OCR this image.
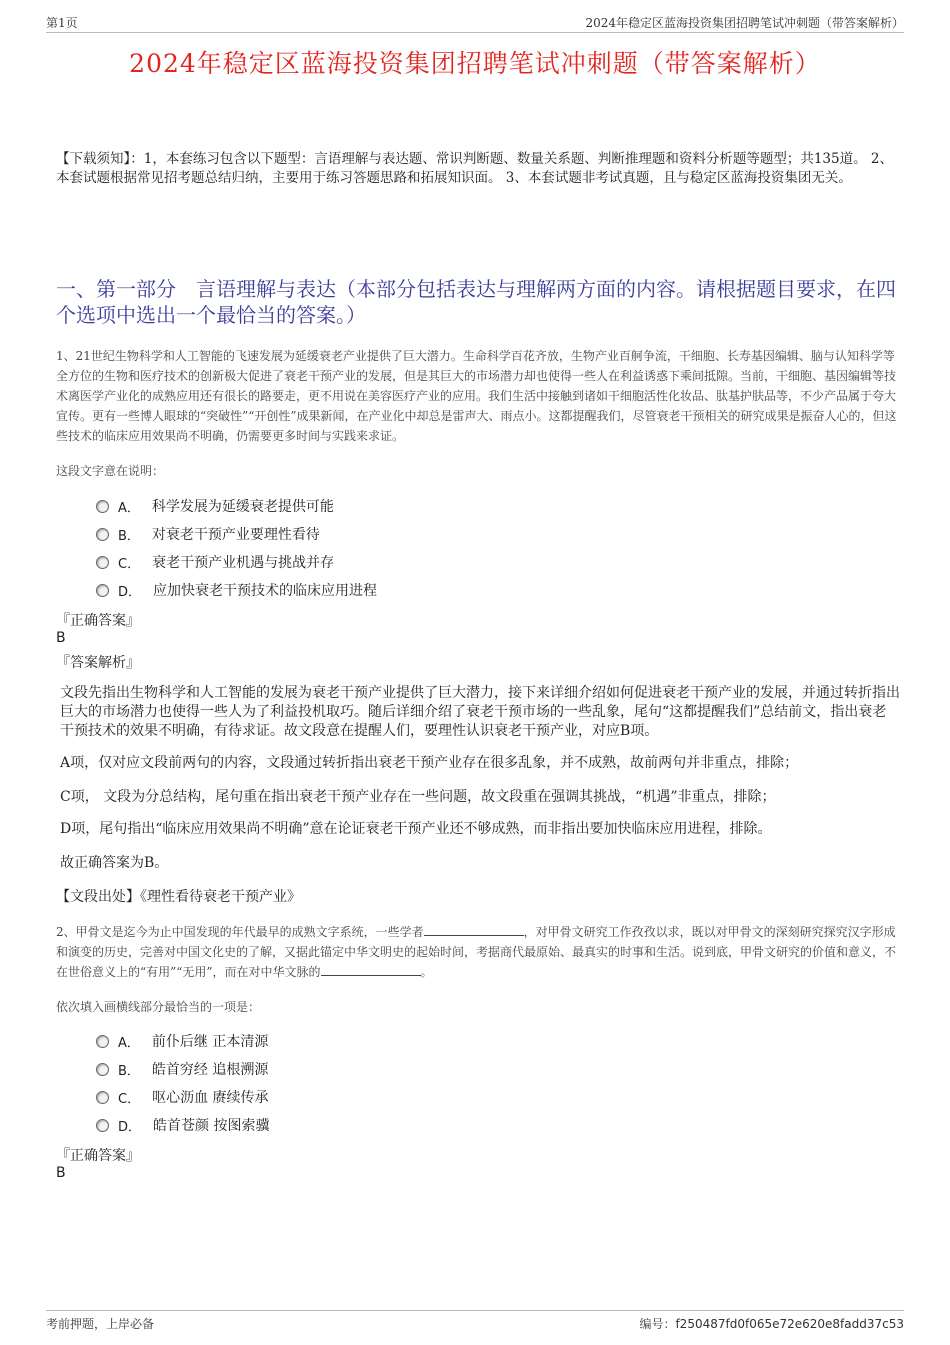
第1页	2024年稳定区蓝海投资集团招聘笔试冲刺题（带答案解析）
2024年稳定区蓝海投资集团招聘笔试冲刺题（带答案解析）
【下载须知】：1，本套练习包含以下题型：言语理解与表达题、常识判断题、数量关系题、判断推理题和资料分析题等题型；共135道。 2、本套试题根据常见招考题总结归纳，主要用于练习答题思路和拓展知识面。 3、本套试题非考试真题，且与稳定区蓝海投资集团无关。
一、第一部分　言语理解与表达（本部分包括表达与理解两方面的内容。请根据题目要求，在四个选项中选出一个最恰当的答案。）
1、21世纪生物科学和人工智能的飞速发展为延缓衰老产业提供了巨大潜力。生命科学百花齐放，生物产业百舸争流，干细胞、长寿基因编辑、脑与认知科学等全方位的生物和医疗技术的创新极大促进了衰老干预产业的发展，但是其巨大的市场潜力却也使得一些人在利益诱惑下乘间抵隙。当前，干细胞、基因编辑等技术离医学产业化的成熟应用还有很长的路要走，更不用说在美容医疗产业的应用。我们生活中接触到诸如干细胞活性化妆品、肽基护肤品等，不少产品属于夸大宣传。更有一些博人眼球的“突破性”“开创性”成果新闻，在产业化中却总是雷声大、雨点小。这都提醒我们，尽管衰老干预相关的研究成果是振奋人心的，但这些技术的临床应用效果尚不明确，仍需要更多时间与实践来求证。
这段文字意在说明：
A． 科学发展为延缓衰老提供可能
B． 对衰老干预产业要理性看待
C． 衰老干预产业机遇与挑战并存
D． 应加快衰老干预技术的临床应用进程
『正确答案』
B
『答案解析』
文段先指出生物科学和人工智能的发展为衰老干预产业提供了巨大潜力，接下来详细介绍如何促进衰老干预产业的发展，并通过转折指出巨大的市场潜力也使得一些人为了利益投机取巧。随后详细介绍了衰老干预市场的一些乱象，尾句“这都提醒我们”总结前文，指出衰老干预技术的效果不明确，有待求证。故文段意在提醒人们，要理性认识衰老干预产业，对应B项。
A项，仅对应文段前两句的内容，文段通过转折指出衰老干预产业存在很多乱象，并不成熟，故前两句并非重点，排除；
C项， 文段为分总结构，尾句重在指出衰老干预产业存在一些问题，故文段重在强调其挑战，“机遇”非重点，排除；
D项，尾句指出“临床应用效果尚不明确”意在论证衰老干预产业还不够成熟，而非指出要加快临床应用进程，排除。
故正确答案为B。
【文段出处】《理性看待衰老干预产业》
2、甲骨文是迄今为止中国发现的年代最早的成熟文字系统，一些学者	，对甲骨文研究工作孜孜以求，既以对甲骨文的深刻研究探究汉字形成和演变的历史，完善对中国文化史的了解，又据此锚定中华文明史的起始时间，考据商代最原始、最真实的时事和生活。说到底，甲骨文研究的价值和意义，不在世俗意义上的“有用”“无用”，而在对中华文脉的	。
依次填入画横线部分最恰当的一项是：
A． 前仆后继 正本清源
B． 皓首穷经 追根溯源
C． 呕心沥血 赓续传承
D． 皓首苍颜 按图索骥
『正确答案』
B
考前押题，上岸必备	编号：f250487fd0f065e72e620e8fadd37c53
